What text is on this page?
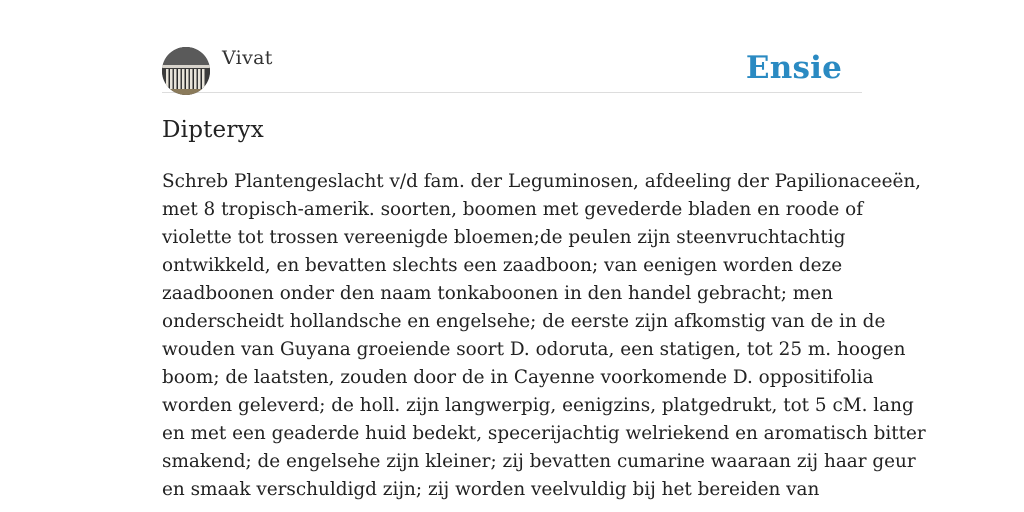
Vivat	Ensie
Dipteryx

Schreb Plantengeslacht v/d fam. der Leguminosen, afdeeling der Papilionaceeën,
met 8 tropisch-amerik. soorten, boomen met gevederde bladen en roode of
violette tot trossen vereenigde bloemen;de peulen zijn steenvruchtachtig
ontwikkeld, en bevatten slechts een zaadboon; van eenigen worden deze
zaadboonen onder den naam tonkaboonen in den handel gebracht; men
onderscheidt hollandsche en engelsehe; de eerste zijn afkomstig van de in de
wouden van Guyana groeiende soort D. odoruta, een statigen, tot 25 m. hoogen
boom; de laatsten, zouden door de in Cayenne voorkomende D. oppositifolia
worden geleverd; de holl. zijn langwerpig, eenigzins, platgedrukt, tot 5 cM. lang
en met een geaderde huid bedekt, specerijachtig welriekend en aromatisch bitter
smakend; de engelsehe zijn kleiner; zij bevatten cumarine waaraan zij haar geur
en smaak verschuldigd zijn; zij worden veelvuldig bij het bereiden van
